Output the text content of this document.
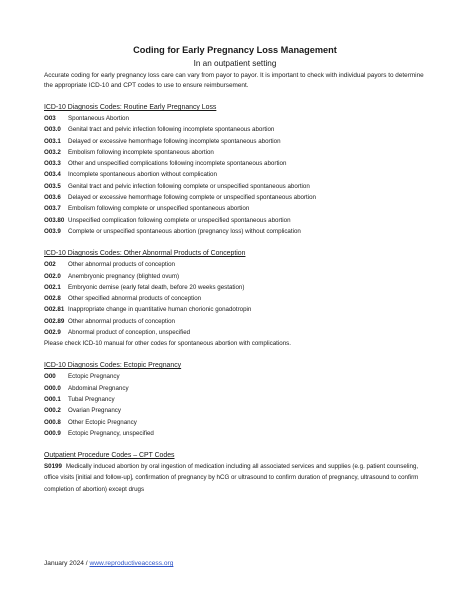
Coding for Early Pregnancy Loss Management
In an outpatient setting
Accurate coding for early pregnancy loss care can vary from payor to payor. It is important to check with individual payors to determine the appropriate ICD-10 and CPT codes to use to ensure reimbursement.
ICD-10 Diagnosis Codes: Routine Early Pregnancy Loss
O03	Spontaneous Abortion
O03.0	Genital tract and pelvic infection following incomplete spontaneous abortion
O03.1	Delayed or excessive hemorrhage following incomplete spontaneous abortion
O03.2	Embolism following incomplete spontaneous abortion
O03.3	Other and unspecified complications following incomplete spontaneous abortion
O03.4	Incomplete spontaneous abortion without complication
O03.5	Genital tract and pelvic infection following complete or unspecified spontaneous abortion
O03.6	Delayed or excessive hemorrhage following complete or unspecified spontaneous abortion
O03.7	Embolism following complete or unspecified spontaneous abortion
O03.80 Unspecified complication following complete or unspecified spontaneous abortion
O03.9	Complete or unspecified spontaneous abortion (pregnancy loss) without complication
ICD-10 Diagnosis Codes: Other Abnormal Products of Conception
O02	Other abnormal products of conception
O02.0	Anembryonic pregnancy (blighted ovum)
O02.1	Embryonic demise (early fetal death, before 20 weeks gestation)
O02.8	Other specified abnormal products of conception
O02.81 Inappropriate change in quantitative human chorionic gonadotropin
O02.89 Other abnormal products of conception
O02.9	Abnormal product of conception, unspecified
Please check ICD-10 manual for other codes for spontaneous abortion with complications.
ICD-10 Diagnosis Codes: Ectopic Pregnancy
O00	Ectopic Pregnancy
O00.0	Abdominal Pregnancy
O00.1	Tubal Pregnancy
O00.2	Ovarian Pregnancy
O00.8	Other Ectopic Pregnancy
O00.9	Ectopic Pregnancy, unspecified
Outpatient Procedure Codes – CPT Codes
S0199 Medically induced abortion by oral ingestion of medication including all associated services and supplies (e.g. patient counseling, office visits [initial and follow-up], confirmation of pregnancy by hCG or ultrasound to confirm duration of pregnancy, ultrasound to confirm completion of abortion) except drugs
January 2024 / www.reproductiveaccess.org
